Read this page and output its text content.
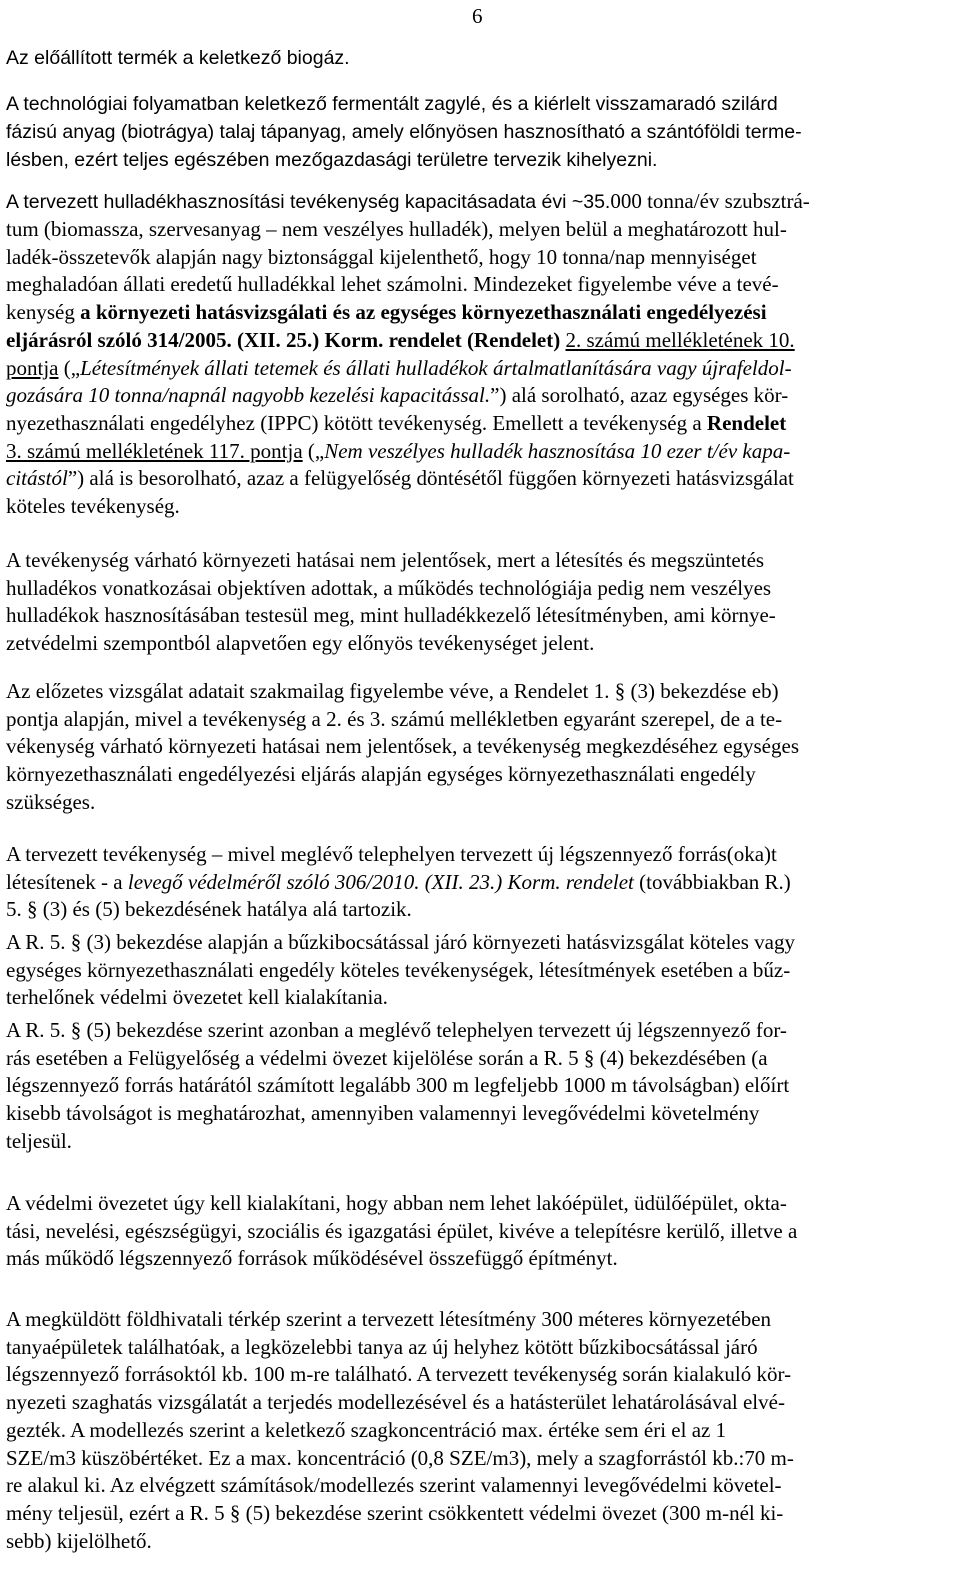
6

Az előállított termék a keletkező biogáz.

A technológiai folyamatban keletkező fermentált zagylé, és a kiérlelt visszamaradó szilárd

fázisú anyag (biotrágya) talaj tápanyag, amely előnyösen hasznosítható a szántóföldi terme-

lésben, ezért teljes egészében mezőgazdasági területre tervezik kihelyezni.

A tervezett hulladékhasznosítási tevékenység kapacitásadata évi ~35.000 tonna/év szubsztrá-

tum (biomassza, szervesanyag – nem veszélyes hulladék), melyen belül a meghatározott hul-

ladék-összetevők alapján nagy biztonsággal kijelenthető, hogy 10 tonna/nap mennyiséget

meghaladóan állati eredetű hulladékkal lehet számolni. Mindezeket figyelembe véve a tevé-

kenység a környezeti hatásvizsgálati és az egységes környezethasználati engedélyezési

eljárásról szóló 314/2005. (XII. 25.) Korm. rendelet (Rendelet) 2. számú mellékletének 10.

pontja („Létesítmények állati tetemek és állati hulladékok ártalmatlanítására vagy újrafeldol-

gozására 10 tonna/napnál nagyobb kezelési kapacitással.”) alá sorolható, azaz egységes kör-

nyezethasználati engedélyhez (IPPC) kötött tevékenység. Emellett a tevékenység a Rendelet

3. számú mellékletének 117. pontja („Nem veszélyes hulladék hasznosítása 10 ezer t/év kapa-

citástól”) alá is besorolható, azaz a felügyelőség döntésétől függően környezeti hatásvizsgálat

köteles tevékenység.

A tevékenység várható környezeti hatásai nem jelentősek, mert a létesítés és megszüntetés

hulladékos vonatkozásai objektíven adottak, a működés technológiája pedig nem veszélyes

hulladékok hasznosításában testesül meg, mint hulladékkezelő létesítményben, ami környe-

zetvédelmi szempontból alapvetően egy előnyös tevékenységet jelent.

Az előzetes vizsgálat adatait szakmailag figyelembe véve, a Rendelet 1. § (3) bekezdése eb)

pontja alapján, mivel a tevékenység a 2. és 3. számú mellékletben egyaránt szerepel, de a te-

vékenység várható környezeti hatásai nem jelentősek, a tevékenység megkezdéséhez egységes

környezethasználati engedélyezési eljárás alapján egységes környezethasználati engedély

szükséges.

A tervezett tevékenység – mivel meglévő telephelyen tervezett új légszennyező forrás(oka)t

létesítenek - a levegő védelméről szóló 306/2010. (XII. 23.) Korm. rendelet (továbbiakban R.)

5. § (3) és (5) bekezdésének hatálya alá tartozik.

A R. 5. § (3) bekezdése alapján a bűzkibocsátással járó környezeti hatásvizsgálat köteles vagy

egységes környezethasználati engedély köteles tevékenységek, létesítmények esetében a bűz-

terhelőnek védelmi övezetet kell kialakítania.

A R. 5. § (5) bekezdése szerint azonban a meglévő telephelyen tervezett új légszennyező for-

rás esetében a Felügyelőség a védelmi övezet kijelölése során a R. 5 § (4) bekezdésében (a

légszennyező forrás határától számított legalább 300 m legfeljebb 1000 m távolságban) előírt

kisebb távolságot is meghatározhat, amennyiben valamennyi levegővédelmi követelmény

teljesül.

A védelmi övezetet úgy kell kialakítani, hogy abban nem lehet lakóépület, üdülőépület, okta-

tási, nevelési, egészségügyi, szociális és igazgatási épület, kivéve a telepítésre kerülő, illetve a

más működő légszennyező források működésével összefüggő építményt.

A megküldött földhivatali térkép szerint a tervezett létesítmény 300 méteres környezetében

tanyaépületek találhatóak, a legközelebbi tanya az új helyhez kötött bűzkibocsátással járó

légszennyező forrásoktól kb. 100 m-re található. A tervezett tevékenység során kialakuló kör-

nyezeti szaghatás vizsgálatát a terjedés modellezésével és a hatásterület lehatárolásával elvé-

gezték. A modellezés szerint a keletkező szagkoncentráció max. értéke sem éri el az 1

SZE/m3 küszöbértéket. Ez a max. koncentráció (0,8 SZE/m3), mely a szagforrástól kb.:70 m-

re alakul ki. Az elvégzett számítások/modellezés szerint valamennyi levegővédelmi követel-

mény teljesül, ezért a R. 5 § (5) bekezdése szerint csökkentett védelmi övezet (300 m-nél ki-

sebb) kijelölhető.
